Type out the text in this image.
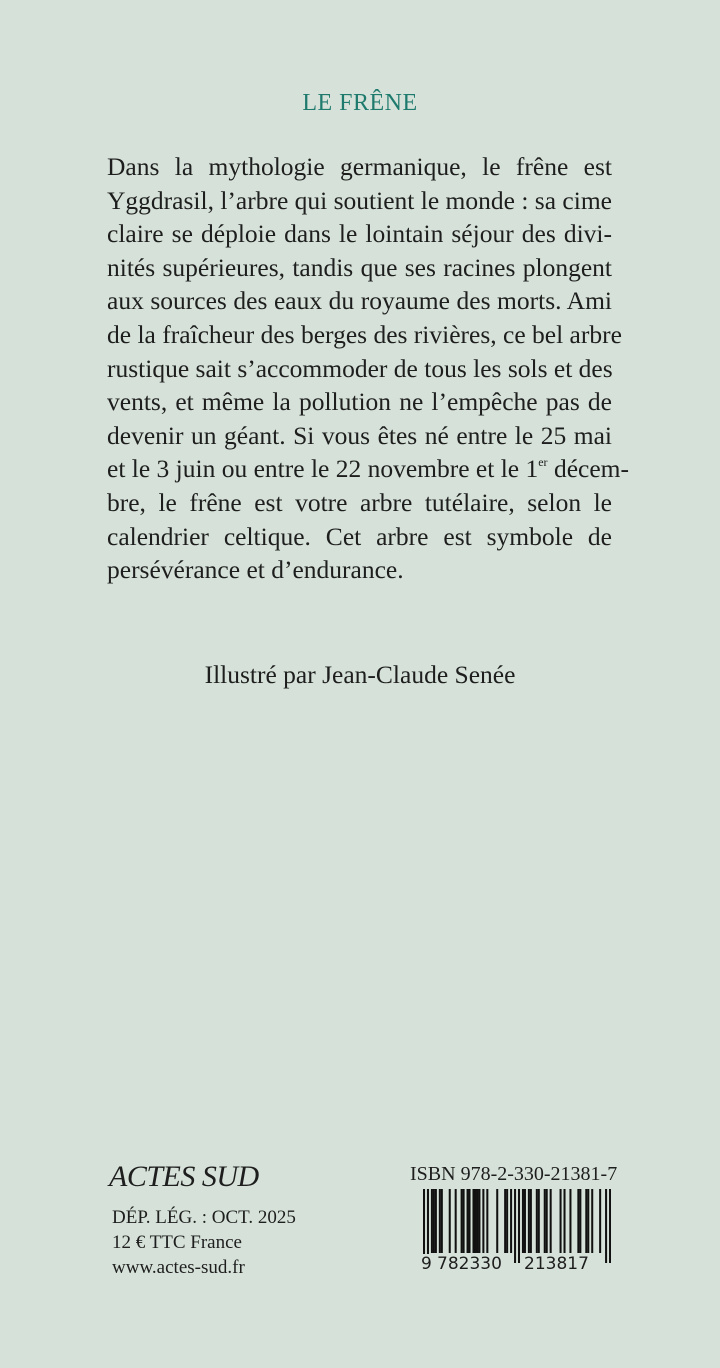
LE FRÊNE
Dans la mythologie germanique, le frêne est
Yggdrasil, l’arbre qui soutient le monde : sa cime
claire se déploie dans le lointain séjour des divi-
nités supérieures, tandis que ses racines plongent
aux sources des eaux du royaume des morts. Ami
de la fraîcheur des berges des rivières, ce bel arbre
rustique sait s’accommoder de tous les sols et des
vents, et même la pollution ne l’empêche pas de
devenir un géant. Si vous êtes né entre le 25 mai
et le 3 juin ou entre le 22 novembre et le 1er décem-
bre, le frêne est votre arbre tutélaire, selon le
calendrier celtique. Cet arbre est symbole de
persévérance et d’endurance.
Illustré par Jean-Claude Senée
ACTES SUD
DÉP. LÉG. : OCT. 2025
12 € TTC France
www.actes-sud.fr
ISBN 978-2-330-21381-7
9 782330 213817
